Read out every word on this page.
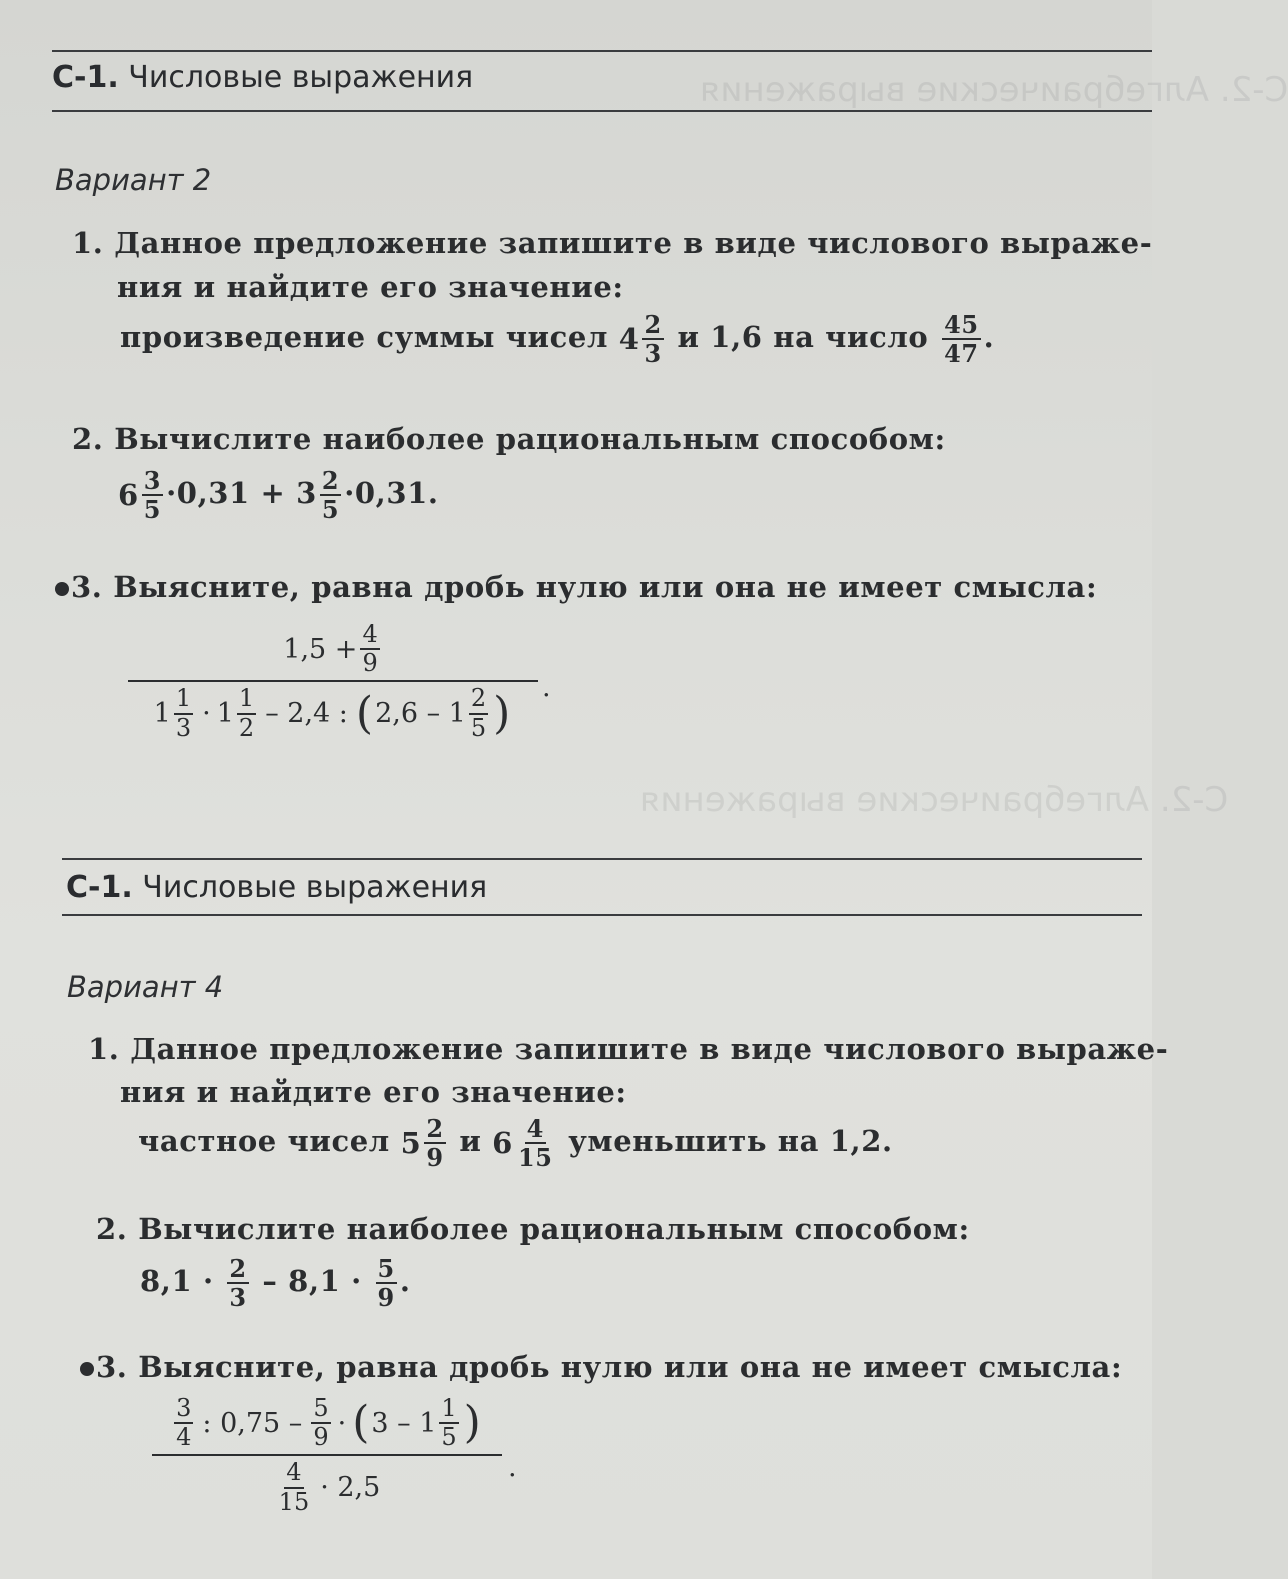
С-2. Алгебраические выражения
С-2. Алгебраические выражения
С-1. Числовые выражения
Вариант 2
1. Данное предложение запишите в виде числового выраже-
ния и найдите его значение:
произведение суммы чисел $4 \frac{2}{3}$ и 1,6 на число $\frac{45}{47}$ .
2. Вычислите наиболее рациональным способом:
$6 \frac{3}{5} \cdot 0,31 + 3 \frac{2}{5} \cdot 0,31$.
3. Выясните, равна дробь нулю или она не имеет смысла:
$1,5 + \frac{4}{9}$
$1 \frac{1}{3} \cdot 1 \frac{1}{2} - 2,4$ : ( $2,6 - 1 \frac{2}{5}$ )
.
С-1. Числовые выражения
Вариант 4
1. Данное предложение запишите в виде числового выраже-
ния и найдите его значение:
частное чисел $5 \frac{2}{9}$ и $6 \frac{4}{15}$ уменьшить на 1,2.
2. Вычислите наиболее рациональным способом:
$8,1 \cdot \frac{2}{3} - 8,1 \cdot \frac{5}{9}$ .
3. Выясните, равна дробь нулю или она не имеет смысла:
$\frac{3}{4}$ : $0,75 - \frac{5}{9}$ · ( $3 - 1 \frac{1}{5}$ )
$\frac{4}{15} \cdot 2,5$
.
